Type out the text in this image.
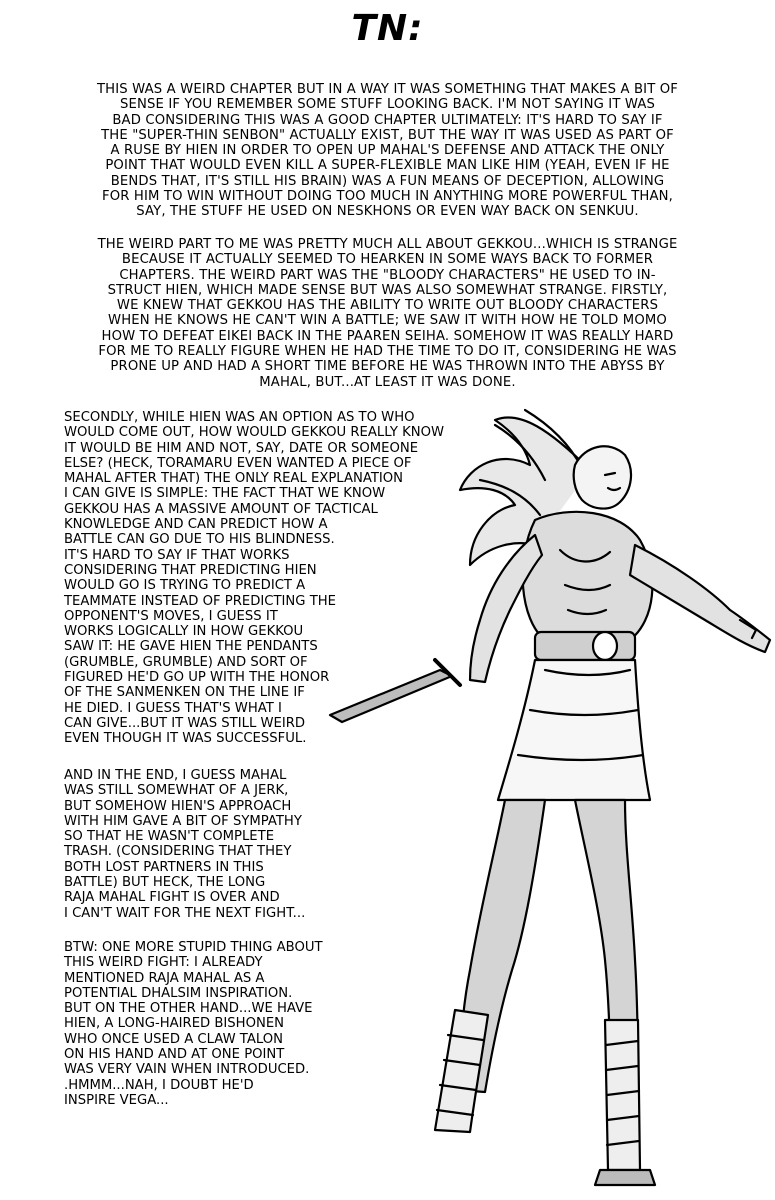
TN:

THIS WAS A WEIRD CHAPTER BUT IN A WAY IT WAS SOMETHING THAT MAKES A BIT OF
SENSE IF YOU REMEMBER SOME STUFF LOOKING BACK. I'M NOT SAYING IT WAS
BAD CONSIDERING THIS WAS A GOOD CHAPTER ULTIMATELY: IT'S HARD TO SAY IF
THE "SUPER-THIN SENBON" ACTUALLY EXIST, BUT THE WAY IT WAS USED AS PART OF
A RUSE BY HIEN IN ORDER TO OPEN UP MAHAL'S DEFENSE AND ATTACK THE ONLY
POINT THAT WOULD EVEN KILL A SUPER-FLEXIBLE MAN LIKE HIM (YEAH, EVEN IF HE
BENDS THAT, IT'S STILL HIS BRAIN) WAS A FUN MEANS OF DECEPTION, ALLOWING
FOR HIM TO WIN WITHOUT DOING TOO MUCH IN ANYTHING MORE POWERFUL THAN,
SAY, THE STUFF HE USED ON NESKHONS OR EVEN WAY BACK ON SENKUU.

THE WEIRD PART TO ME WAS PRETTY MUCH ALL ABOUT GEKKOU...WHICH IS STRANGE
BECAUSE IT ACTUALLY SEEMED TO HEARKEN IN SOME WAYS BACK TO FORMER
CHAPTERS. THE WEIRD PART WAS THE "BLOODY CHARACTERS" HE USED TO IN-
STRUCT HIEN, WHICH MADE SENSE BUT WAS ALSO SOMEWHAT STRANGE. FIRSTLY,
WE KNEW THAT GEKKOU HAS THE ABILITY TO WRITE OUT BLOODY CHARACTERS
WHEN HE KNOWS HE CAN'T WIN A BATTLE; WE SAW IT WITH HOW HE TOLD MOMO
HOW TO DEFEAT EIKEI BACK IN THE PAAREN SEIHA. SOMEHOW IT WAS REALLY HARD
FOR ME TO REALLY FIGURE WHEN HE HAD THE TIME TO DO IT, CONSIDERING HE WAS
PRONE UP AND HAD A SHORT TIME BEFORE HE WAS THROWN INTO THE ABYSS BY
MAHAL, BUT...AT LEAST IT WAS DONE.

SECONDLY, WHILE HIEN WAS AN OPTION AS TO WHO
WOULD COME OUT, HOW WOULD GEKKOU REALLY KNOW
IT WOULD BE HIM AND NOT, SAY, DATE OR SOMEONE
ELSE? (HECK, TORAMARU EVEN WANTED A PIECE OF
MAHAL AFTER THAT) THE ONLY REAL EXPLANATION
I CAN GIVE IS SIMPLE: THE FACT THAT WE KNOW
GEKKOU HAS A MASSIVE AMOUNT OF TACTICAL
KNOWLEDGE AND CAN PREDICT HOW A
BATTLE CAN GO DUE TO HIS BLINDNESS.
IT'S HARD TO SAY IF THAT WORKS
CONSIDERING THAT PREDICTING HIEN
WOULD GO IS TRYING TO PREDICT A
TEAMMATE INSTEAD OF PREDICTING THE
OPPONENT'S MOVES, I GUESS IT
WORKS LOGICALLY IN HOW GEKKOU
SAW IT: HE GAVE HIEN THE PENDANTS
(GRUMBLE, GRUMBLE) AND SORT OF
FIGURED HE'D GO UP WITH THE HONOR
OF THE SANMENKEN ON THE LINE IF
HE DIED. I GUESS THAT'S WHAT I
CAN GIVE...BUT IT WAS STILL WEIRD
EVEN THOUGH IT WAS SUCCESSFUL.

AND IN THE END, I GUESS MAHAL
WAS STILL SOMEWHAT OF A JERK,
BUT SOMEHOW HIEN'S APPROACH
WITH HIM GAVE A BIT OF SYMPATHY
SO THAT HE WASN'T COMPLETE
TRASH. (CONSIDERING THAT THEY
BOTH LOST PARTNERS IN THIS
BATTLE) BUT HECK, THE LONG
RAJA MAHAL FIGHT IS OVER AND
I CAN'T WAIT FOR THE NEXT FIGHT...

BTW: ONE MORE STUPID THING ABOUT
THIS WEIRD FIGHT: I ALREADY
MENTIONED RAJA MAHAL AS A
POTENTIAL DHALSIM INSPIRATION.
BUT ON THE OTHER HAND...WE HAVE
HIEN, A LONG-HAIRED BISHONEN
WHO ONCE USED A CLAW TALON
ON HIS HAND AND AT ONE POINT
WAS VERY VAIN WHEN INTRODUCED.
.HMMM...NAH, I DOUBT HE'D
INSPIRE VEGA...
